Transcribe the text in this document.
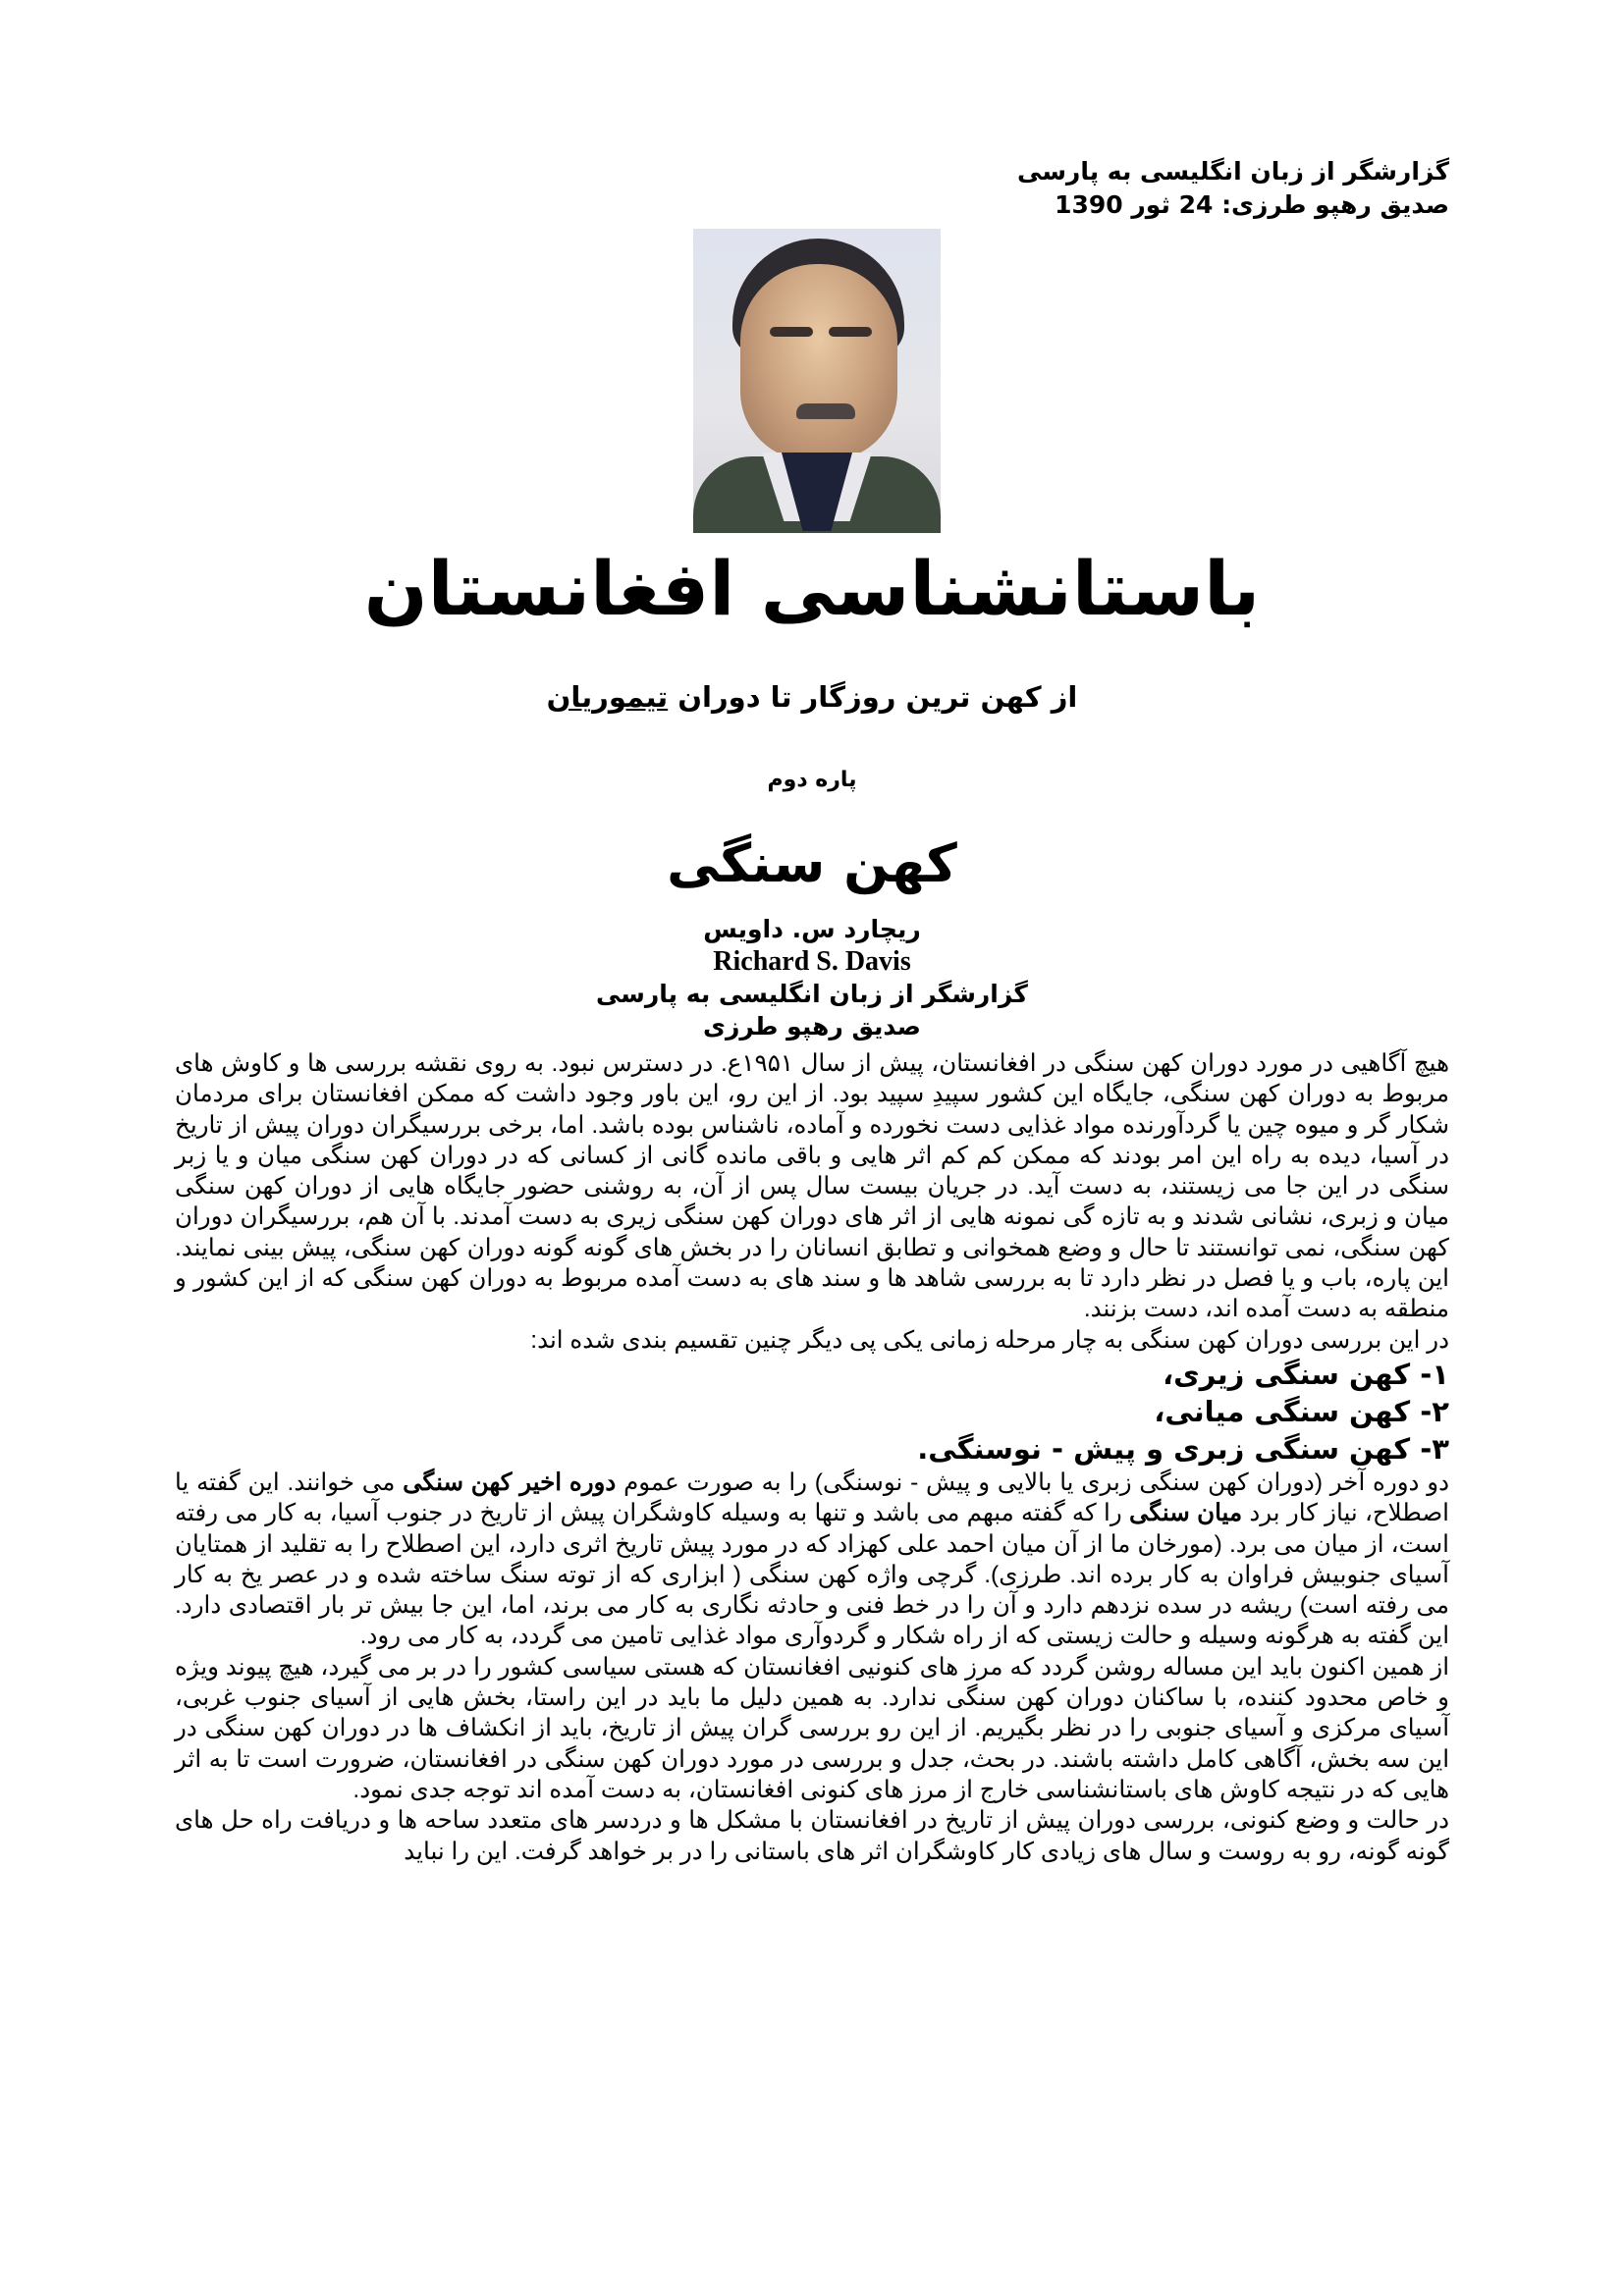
گزارشگر از زبان انگلیسی به پارسی
صدیق رهپو طرزی: 24 ثور 1390
باستانشناسی افغانستان
از کهن ترین روزگار تا دوران تیموریان
پاره دوم
کهن سنگی
ریچارد س. داویس
Richard S. Davis
گزارشگر از زبان انگلیسی به پارسی
صدیق رهپو طرزی

هیچ آگاهیی در مورد دوران کهن سنگی در افغانستان، پیش از سال ۱۹۵۱ع. در دسترس نبود. به روی نقشه بررسی ها و کاوش های مربوط به دوران کهن سنگی، جایگاه این کشور سپیدِ سپید بود. از این رو، این باور وجود داشت که ممکن افغانستان برای مردمان شکار گر و میوه چین یا گردآورنده مواد غذایی دست نخورده و آماده، ناشناس بوده باشد. اما، برخی بررسیگران دوران پیش از تاریخ در آسیا، دیده به راه این امر بودند که ممکن کم کم اثر هایی و باقی مانده گانی از کسانی که در دوران کهن سنگی میان و یا زبر سنگی در این جا می زیستند، به دست آید. در جریان بیست سال پس از آن، به روشنی حضور جایگاه هایی از دوران کهن سنگی میان و زبری، نشانی شدند و به تازه گی نمونه هایی از اثر های دوران کهن سنگی زیری به دست آمدند. با آن هم، بررسیگران دوران کهن سنگی، نمی توانستند تا حال و وضع همخوانی و تطابق انسانان را در بخش های گونه گونه دوران کهن سنگی، پیش بینی نمایند. این پاره، باب و یا فصل در نظر دارد تا به بررسی شاهد ها و سند های به دست آمده مربوط به دوران کهن سنگی که از این کشور و منطقه به دست آمده اند، دست بزنند.

در این بررسی دوران کهن سنگی به چار مرحله زمانی یکی پی دیگر چنین تقسیم بندی شده اند:

۱- کهن سنگی زیری،

۲- کهن سنگی میانی،

۳- کهن سنگی زبری و پیش - نوسنگی.

دو دوره آخر (دوران کهن سنگی زبری یا بالایی و پیش - نوسنگی) را به صورت عموم دوره اخیر کهن سنگی می خوانند. این گفته یا اصطلاح، نیاز کار برد میان سنگی را که گفته مبهم می باشد و تنها به وسیله کاوشگران پیش از تاریخ در جنوب آسیا، به کار می رفته است، از میان می برد. (مورخان ما از آن میان احمد علی کهزاد که در مورد پیش تاریخ اثری دارد، این اصطلاح را به تقلید از همتایان آسیای جنوبیش فراوان به کار برده اند. طرزی). گرچی واژه کهن سنگی ( ابزاری که از توته سنگ ساخته شده و در عصر یخ به کار می رفته است) ریشه در سده نزدهم دارد و آن را در خط فنی و حادثه نگاری به کار می برند، اما، این جا بیش تر بار اقتصادی دارد. این گفته به هرگونه وسیله و حالت زیستی که از راه شکار و گردوآری مواد غذایی تامین می گردد، به کار می رود.

از همین اکنون باید این مساله روشن گردد که مرز های کنونیی افغانستان که هستی سیاسی کشور را در بر می گیرد، هیچ پیوند ویژه و خاص محدود کننده، با ساکنان دوران کهن سنگی ندارد. به همین دلیل ما باید در این راستا، بخش هایی از آسیای جنوب غربی، آسیای مرکزی و آسیای جنوبی را در نظر بگیریم. از این رو بررسی گران پیش از تاریخ، باید از انکشاف ها در دوران کهن سنگی در این سه بخش، آگاهی کامل داشته باشند. در بحث، جدل و بررسی در مورد دوران کهن سنگی در افغانستان، ضرورت است تا به اثر هایی که در نتیجه کاوش های باستانشناسی خارج از مرز های کنونی افغانستان، به دست آمده اند توجه جدی نمود.

در حالت و وضع کنونی، بررسی دوران پیش از تاریخ در افغانستان با مشکل ها و دردسر های متعدد ساحه ها و دریافت راه حل های گونه گونه، رو به روست و سال های زیادی کار کاوشگران اثر های باستانی را در بر خواهد گرفت. این را نباید
